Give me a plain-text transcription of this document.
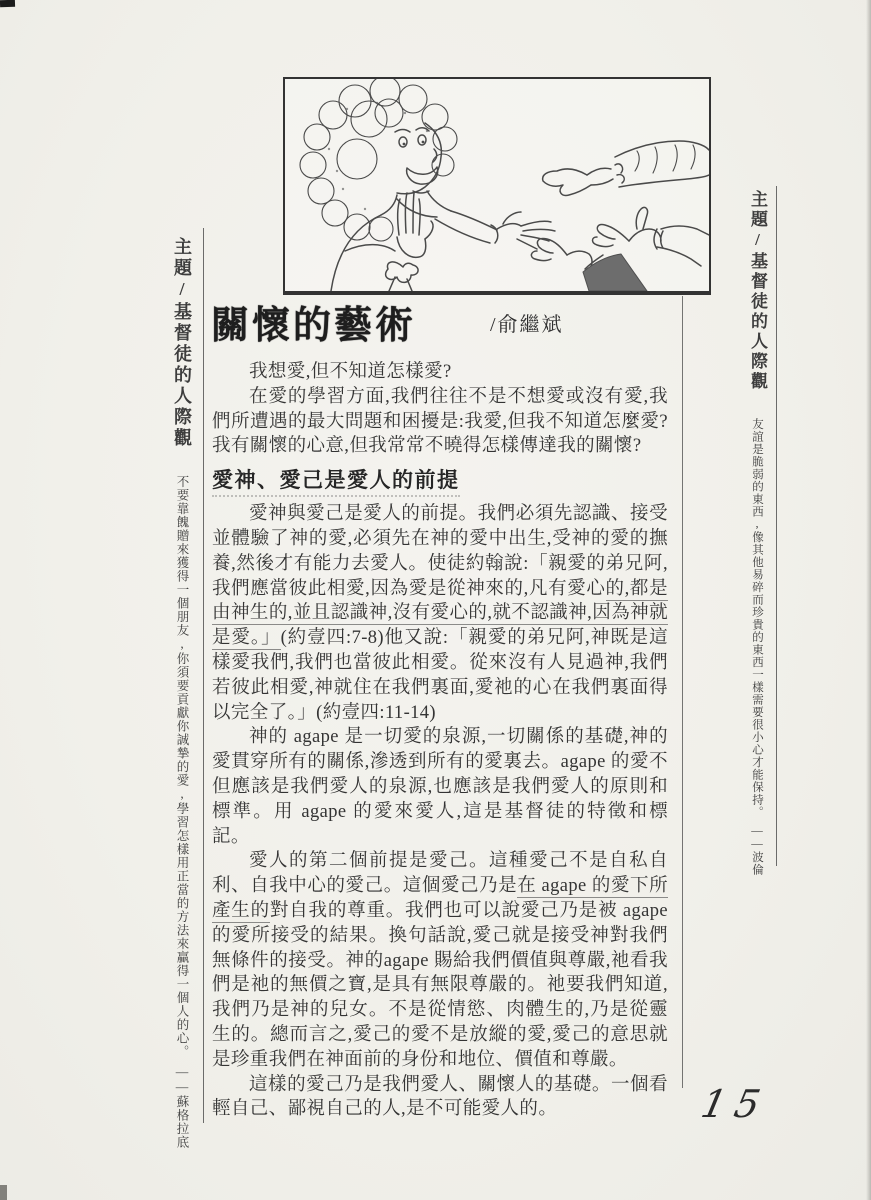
主題/基督徒的人際觀不要靠餽贈來獲得一個朋友,你須要貢獻你誠摯的愛,學習怎樣用正當的方法來贏得一個人的心。——蘇格拉底
主題/基督徒的人際觀友誼是脆弱的東西,像其他易碎而珍貴的東西一樣需要很小心才能保持。——波倫
關懷的藝術	/俞繼斌

我想愛,但不知道怎樣愛?

在愛的學習方面,我們往往不是不想愛或沒有愛,我們所遭遇的最大問題和困擾是:我愛,但我不知道怎麼愛?我有關懷的心意,但我常常不曉得怎樣傳達我的關懷?

愛神、愛己是愛人的前提

愛神與愛己是愛人的前提。我們必須先認識、接受並體驗了神的愛,必須先在神的愛中出生,受神的愛的撫養,然後才有能力去愛人。使徒約翰說:「親愛的弟兄阿,我們應當彼此相愛,因為愛是從神來的,凡有愛心的,都是由神生的,並且認識神,沒有愛心的,就不認識神,因為神就是愛。」(約壹四:7-8)他又說:「親愛的弟兄阿,神既是這樣愛我們,我們也當彼此相愛。從來沒有人見過神,我們若彼此相愛,神就住在我們裏面,愛祂的心在我們裏面得以完全了。」(約壹四:11-14)

神的 agape 是一切愛的泉源,一切關係的基礎,神的愛貫穿所有的關係,滲透到所有的愛裏去。agape 的愛不但應該是我們愛人的泉源,也應該是我們愛人的原則和標準。用 agape 的愛來愛人,這是基督徒的特徵和標記。

愛人的第二個前提是愛己。這種愛己不是自私自利、自我中心的愛己。這個愛己乃是在 agape 的愛下所產生的對自我的尊重。我們也可以說愛己乃是被 agape 的愛所接受的結果。換句話說,愛己就是接受神對我們無條件的接受。神的agape 賜給我們價值與尊嚴,祂看我們是祂的無價之寶,是具有無限尊嚴的。祂要我們知道,我們乃是神的兒女。不是從情慾、肉體生的,乃是從靈生的。總而言之,愛己的愛不是放縱的愛,愛己的意思就是珍重我們在神面前的身份和地位、價值和尊嚴。

這樣的愛己乃是我們愛人、關懷人的基礎。一個看輕自己、鄙視自己的人,是不可能愛人的。	15
